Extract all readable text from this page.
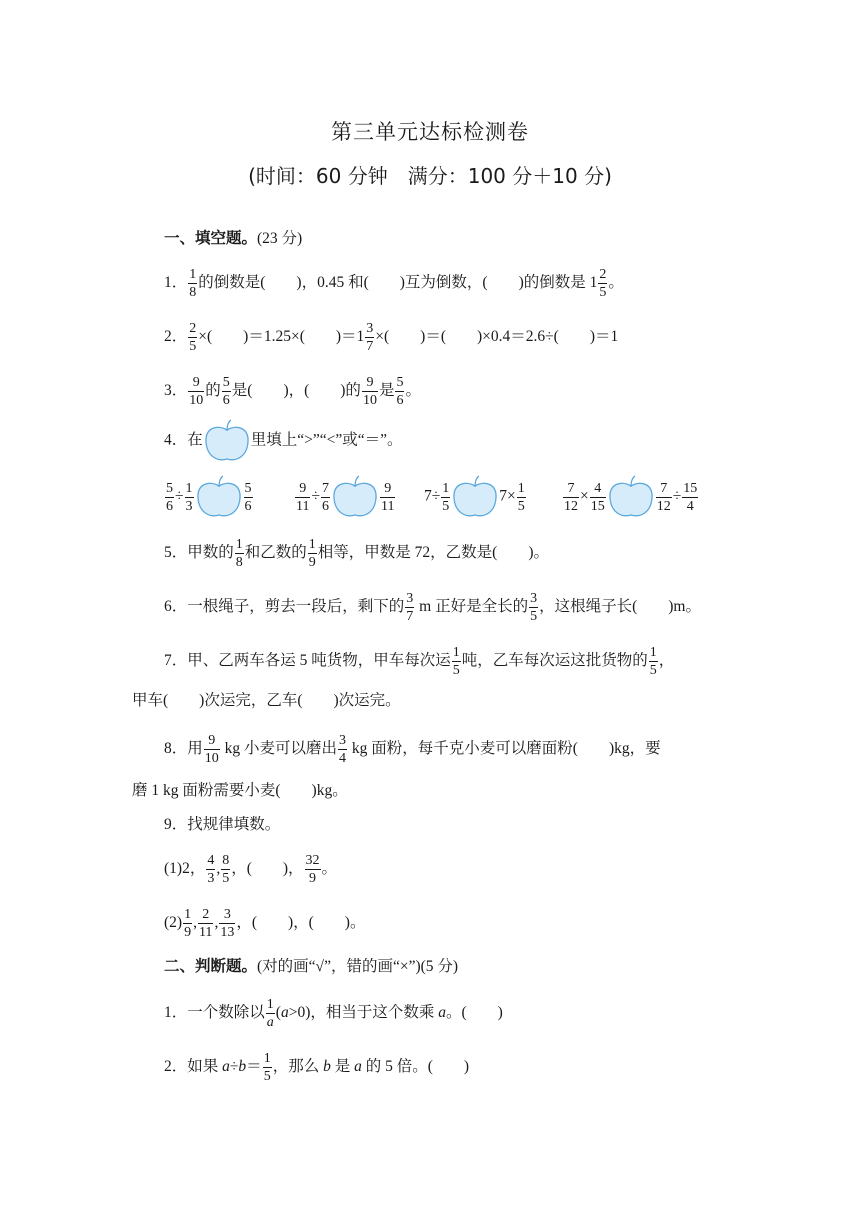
第三单元达标检测卷
(时间：60 分钟　满分：100 分＋10 分)
一、填空题。(23 分)
1． $\frac{1}{8}$ 的倒数是(　　)，0.45 和(　　)互为倒数，(　　)的倒数是 $1 \frac{2}{5}$ 。
2． $\frac{2}{5}$ ×(　　)＝1.25×(　　)$=1 \frac{3}{7}$ ×(　　)＝(　　)×0.4＝2.6÷(　　)＝1
3． $\frac{9}{10}$ 的 $\frac{5}{6}$ 是(　　)，(　　)的 $\frac{9}{10}$ 是 $\frac{5}{6}$ 。
4．在	里填上“>”“<”或“＝”。
$\frac{5}{6} \div \frac{1}{3}$	$\frac{5}{6}$	$\frac{9}{11} \div \frac{7}{6}$	$\frac{9}{11} 7\div \frac{1}{5}$	$7\times \frac{1}{5}$	$\frac{7}{12} \times \frac{4}{15}$	$\frac{7}{12} \div \frac{15}{4}$
5．甲数的 $\frac{1}{8}$ 和乙数的 $\frac{1}{9}$ 相等，甲数是 72，乙数是(　　)。
6．一根绳子，剪去一段后，剩下的 $\frac{3}{7}$ m 正好是全长的 $\frac{3}{5}$ ，这根绳子长(　　)m。
7．甲、乙两车各运 5 吨货物，甲车每次运 $\frac{1}{5}$ 吨，乙车每次运这批货物的 $\frac{1}{5}$ ，
甲车(　　)次运完，乙车(　　)次运完。
8．用 $\frac{9}{10}$ kg 小麦可以磨出 $\frac{3}{4}$ kg 面粉，每千克小麦可以磨面粉(　　)kg，要
磨 1 kg 面粉需要小麦(　　)kg。
9．找规律填数。
(1)2， $\frac{4}{3}$ , $\frac{8}{5}$ ，(　　)， $\frac{32}{9}$ 。
$(2) \frac{1}{9}$ , $\frac{2}{11}$ , $\frac{3}{13}$ ，(　　)，(　　)。
二、判断题。(对的画“√”，错的画“×”)(5 分)
1．一个数除以 $\frac{1}{a} (a>0)$，相当于这个数乘 a。(　　)
2．如果 $a\div b= \frac{1}{5}$ ，那么 b 是 a 的 5 倍。(　　)
